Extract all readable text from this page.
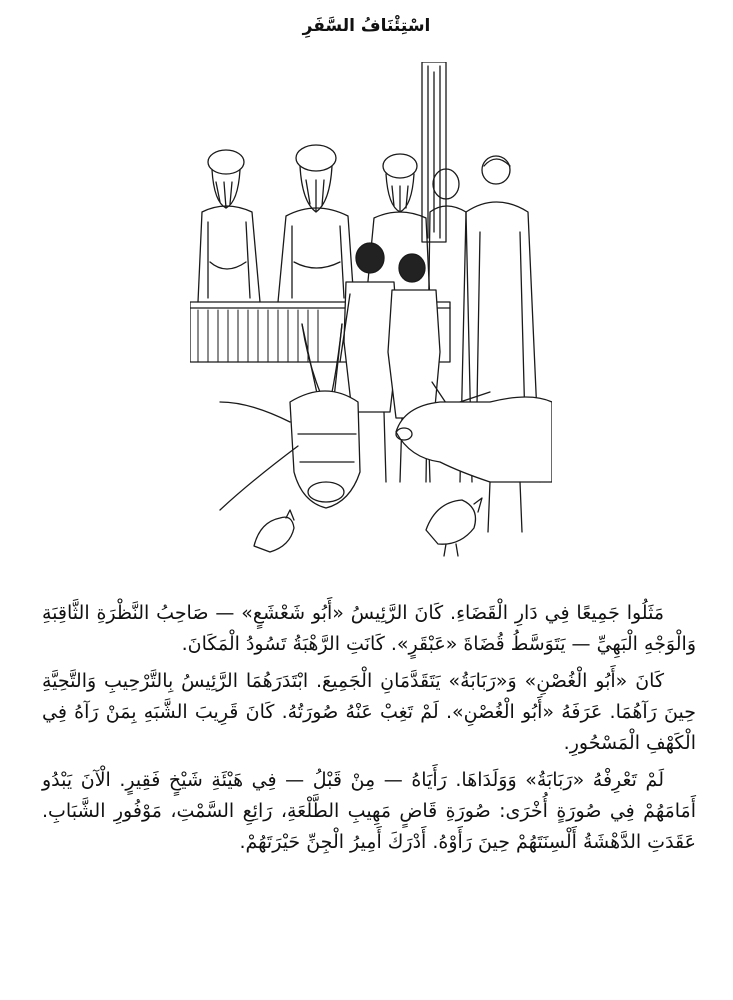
اسْتِئْنَافُ السَّفَرِ

مَثَلُوا جَمِيعًا فِي دَارِ الْقَضَاءِ. كَانَ الرَّئِيسُ «أَبُو شَعْشَعٍ» — صَاحِبُ النَّظْرَةِ الثَّاقِبَةِ وَالْوَجْهِ الْبَهِيِّ — يَتَوَسَّطُ قُضَاةَ «عَبْقَرٍ». كَانَتِ الرَّهْبَةُ تَسُودُ الْمَكَانَ.

كَانَ «أَبُو الْغُصْنِ» وَ«رَبَابَةُ» يَتَقَدَّمَانِ الْجَمِيعَ. ابْتَدَرَهُمَا الرَّئِيسُ بِالتَّرْحِيبِ وَالتَّحِيَّةِ حِينَ رَآهُمَا. عَرَفَهُ «أَبُو الْغُصْنِ». لَمْ تَغِبْ عَنْهُ صُورَتُهُ. كَانَ قَرِيبَ الشَّبَهِ بِمَنْ رَآهُ فِي الْكَهْفِ الْمَسْحُورِ.

لَمْ تَعْرِفْهُ «رَبَابَةُ» وَوَلَدَاهَا. رَأَيَاهُ — مِنْ قَبْلُ — فِي هَيْئَةِ شَيْخٍ فَقِيرٍ. الْآنَ يَبْدُو أَمَامَهُمْ فِي صُورَةٍ أُخْرَى: صُورَةِ قَاضٍ مَهِيبِ الطَّلْعَةِ، رَائِعِ السَّمْتِ، مَوْفُورِ الشَّبَابِ. عَقَدَتِ الدَّهْشَةُ أَلْسِنَتَهُمْ حِينَ رَأَوْهُ. أَدْرَكَ أَمِيرُ الْجِنِّ حَيْرَتَهُمْ.
